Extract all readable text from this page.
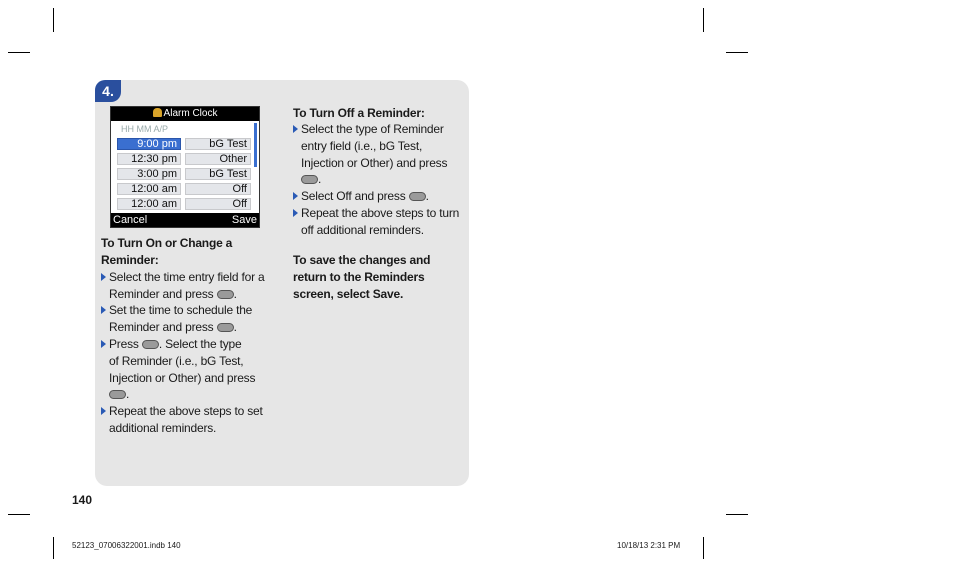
4.
Alarm Clock
HH MM A/P
9:00 pm	bG Test
12:30 pm	Other
3:00 pm	bG Test
12:00 am	Off
12:00 am	Off
Cancel	Save
To Turn On or Change a
Reminder:
Select the time entry field for a
Reminder and press .
Set the time to schedule the
Reminder and press .
Press . Select the type
of Reminder (i.e., bG Test,
Injection or Other) and press
.
Repeat the above steps to set
additional reminders.
To Turn Off a Reminder:
Select the type of Reminder
entry field (i.e., bG Test,
Injection or Other) and press
.
Select Off and press .
Repeat the above steps to turn
off additional reminders.
To save the changes and
return to the Reminders
screen, select Save.
140
52123_07006322001.indb 140	10/18/13 2:31 PM
